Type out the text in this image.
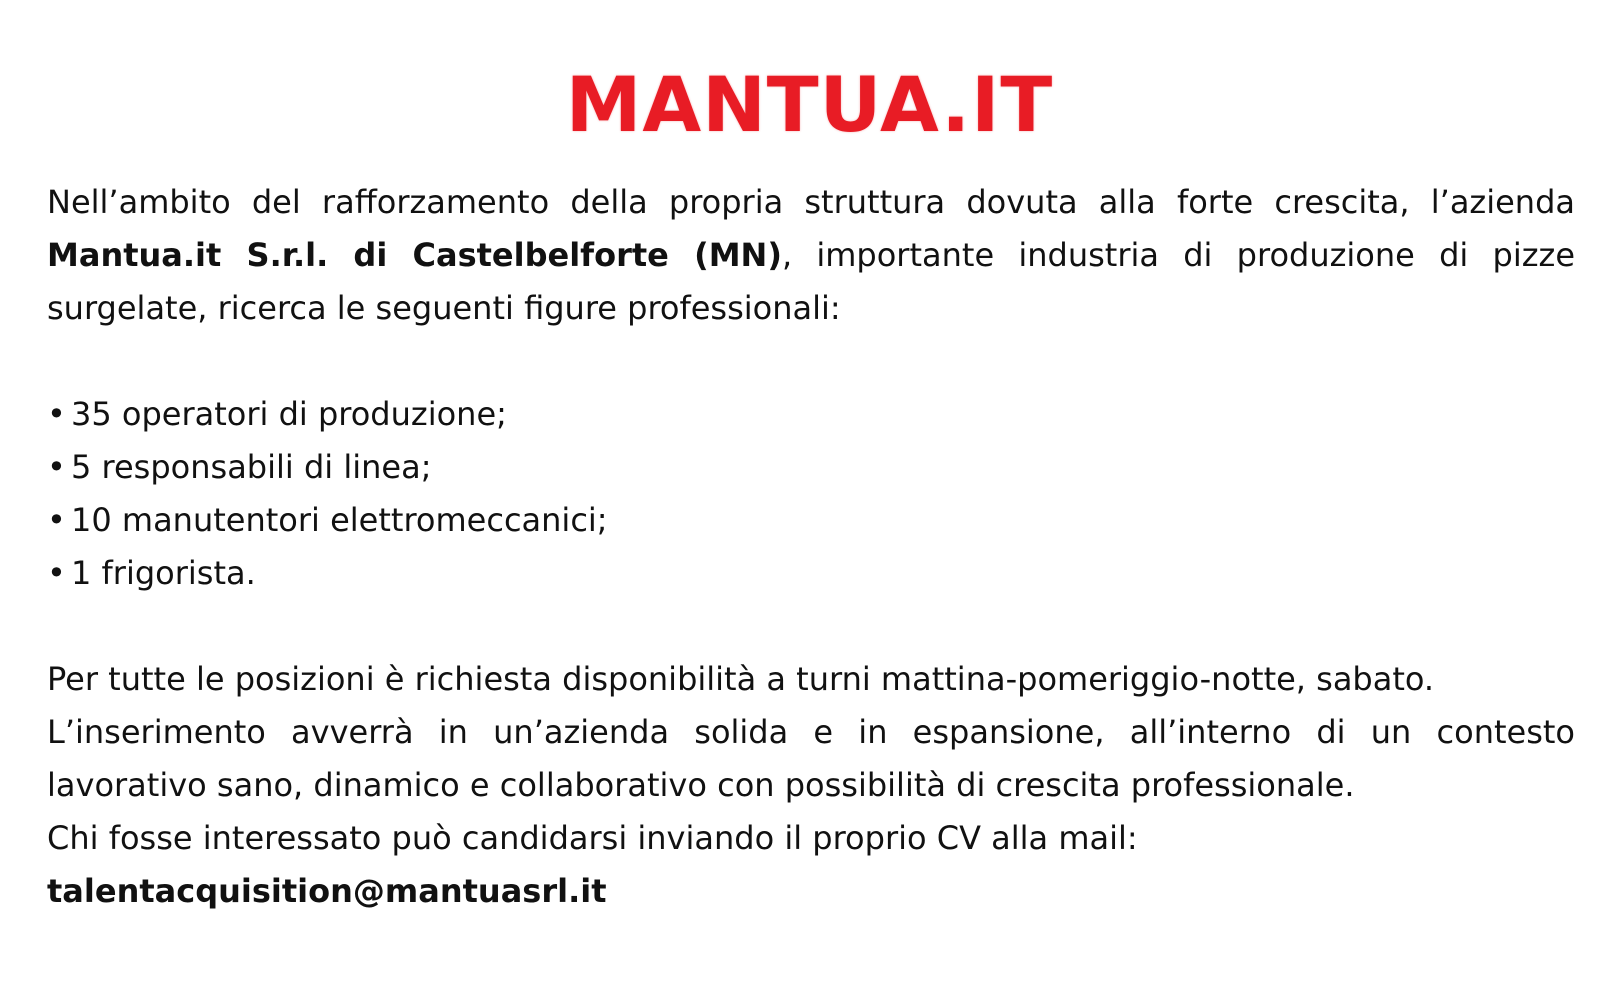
MANTUA.IT

Nell’ambito del rafforzamento della propria struttura dovuta alla forte crescita, l’azienda Mantua.it S.r.l. di Castelbelforte (MN), importante industria di produzione di pizze surgelate, ricerca le seguenti figure professionali:

• 35 operatori di produzione;
• 5 responsabili di linea;
• 10 manutentori elettromeccanici;
• 1 frigorista.

Per tutte le posizioni è richiesta disponibilità a turni mattina-pomeriggio-notte, sabato.

L’inserimento avverrà in un’azienda solida e in espansione, all’interno di un contesto lavorativo sano, dinamico e collaborativo con possibilità di crescita professionale.

Chi fosse interessato può candidarsi inviando il proprio CV alla mail:
talentacquisition@mantuasrl.it
